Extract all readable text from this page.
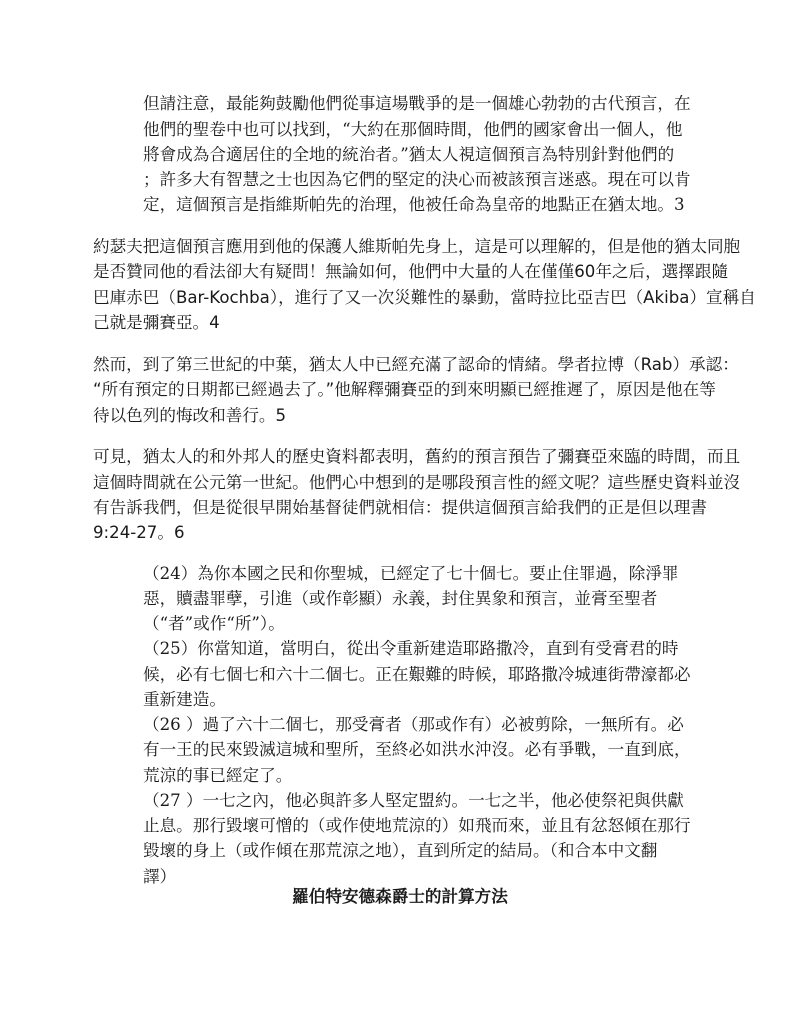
但請注意，最能夠鼓勵他們從事這場戰爭的是一個雄心勃勃的古代預言，在
他們的聖卷中也可以找到，“大約在那個時間，他們的國家會出一個人，他
將會成為合適居住的全地的統治者。”猶太人視這個預言為特別針對他們的
；許多大有智慧之士也因為它們的堅定的決心而被該預言迷惑。現在可以肯
定，這個預言是指維斯帕先的治理，他被任命為皇帝的地點正在猶太地。3
約瑟夫把這個預言應用到他的保護人維斯帕先身上，這是可以理解的，但是他的猶太同胞
是否贊同他的看法卻大有疑問！無論如何，他們中大量的人在僅僅60年之后，選擇跟隨
巴庫赤巴（Bar-Kochba），進行了又一次災難性的暴動，當時拉比亞吉巴（Akiba）宣稱自
己就是彌賽亞。4
然而，到了第三世紀的中葉，猶太人中已經充滿了認命的情緒。學者拉博（Rab）承認：
“所有預定的日期都已經過去了。”他解釋彌賽亞的到來明顯已經推遲了，原因是他在等
待以色列的悔改和善行。5
可見，猶太人的和外邦人的歷史資料都表明，舊約的預言預告了彌賽亞來臨的時間，而且
這個時間就在公元第一世紀。他們心中想到的是哪段預言性的經文呢？這些歷史資料並沒
有告訴我們，但是從很早開始基督徒們就相信：提供這個預言給我們的正是但以理書
9:24-27。6
（24）為你本國之民和你聖城，已經定了七十個七。要止住罪過，除淨罪
惡，贖盡罪孽，引進（或作彰顯）永義，封住異象和預言，並膏至聖者
（“者”或作“所”）。
（25）你當知道，當明白，從出令重新建造耶路撒冷，直到有受膏君的時
候，必有七個七和六十二個七。正在艱難的時候，耶路撒冷城連街帶濠都必
重新建造。
（26 ）過了六十二個七，那受膏者（那或作有）必被剪除，一無所有。必
有一王的民來毀滅這城和聖所，至終必如洪水沖沒。必有爭戰，一直到底，
荒涼的事已經定了。
（27 ）一七之內，他必與許多人堅定盟約。一七之半，他必使祭祀與供獻
止息。那行毀壞可憎的（或作使地荒涼的）如飛而來，並且有忿怒傾在那行
毀壞的身上（或作傾在那荒涼之地），直到所定的結局。（和合本中文翻
譯）
羅伯特安德森爵士的計算方法
